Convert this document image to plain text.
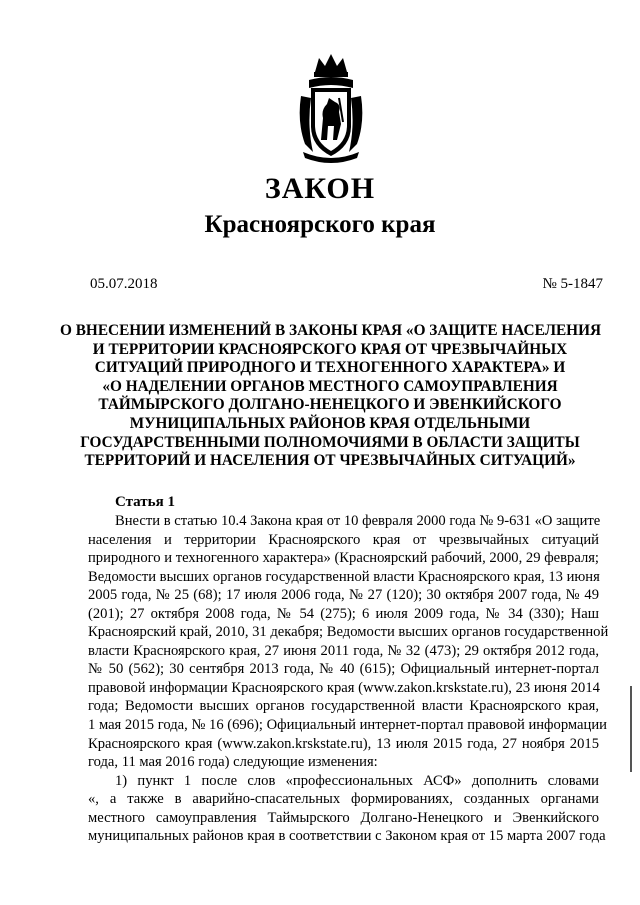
ЗАКОН
Красноярского края
05.07.2018	№ 5-1847
О ВНЕСЕНИИ ИЗМЕНЕНИЙ В ЗАКОНЫ КРАЯ «О ЗАЩИТЕ НАСЕЛЕНИЯ
И ТЕРРИТОРИИ КРАСНОЯРСКОГО КРАЯ ОТ ЧРЕЗВЫЧАЙНЫХ
СИТУАЦИЙ ПРИРОДНОГО И ТЕХНОГЕННОГО ХАРАКТЕРА» И
«О НАДЕЛЕНИИ ОРГАНОВ МЕСТНОГО САМОУПРАВЛЕНИЯ
ТАЙМЫРСКОГО ДОЛГАНО-НЕНЕЦКОГО И ЭВЕНКИЙСКОГО
МУНИЦИПАЛЬНЫХ РАЙОНОВ КРАЯ ОТДЕЛЬНЫМИ
ГОСУДАРСТВЕННЫМИ ПОЛНОМОЧИЯМИ В ОБЛАСТИ ЗАЩИТЫ
ТЕРРИТОРИЙ И НАСЕЛЕНИЯ ОТ ЧРЕЗВЫЧАЙНЫХ СИТУАЦИЙ»
Статья 1
Внести в статью 10.4 Закона края от 10 февраля 2000 года № 9-631 «О защите
населения и территории Красноярского края от чрезвычайных ситуаций
природного и техногенного характера» (Красноярский рабочий, 2000, 29 февраля;
Ведомости высших органов государственной власти Красноярского края, 13 июня
2005 года, № 25 (68); 17 июля 2006 года, № 27 (120); 30 октября 2007 года, № 49
(201); 27 октября 2008 года, № 54 (275); 6 июля 2009 года, № 34 (330); Наш
Красноярский край, 2010, 31 декабря; Ведомости высших органов государственной
власти Красноярского края, 27 июня 2011 года, № 32 (473); 29 октября 2012 года,
№ 50 (562); 30 сентября 2013 года, № 40 (615); Официальный интернет-портал
правовой информации Красноярского края (www.zakon.krskstate.ru), 23 июня 2014
года; Ведомости высших органов государственной власти Красноярского края,
1 мая 2015 года, № 16 (696); Официальный интернет-портал правовой информации
Красноярского края (www.zakon.krskstate.ru), 13 июля 2015 года, 27 ноября 2015
года, 11 мая 2016 года) следующие изменения:
1) пункт 1 после слов «профессиональных АСФ» дополнить словами
«, а также в аварийно-спасательных формированиях, созданных органами
местного самоуправления Таймырского Долгано-Ненецкого и Эвенкийского
муниципальных районов края в соответствии с Законом края от 15 марта 2007 года
